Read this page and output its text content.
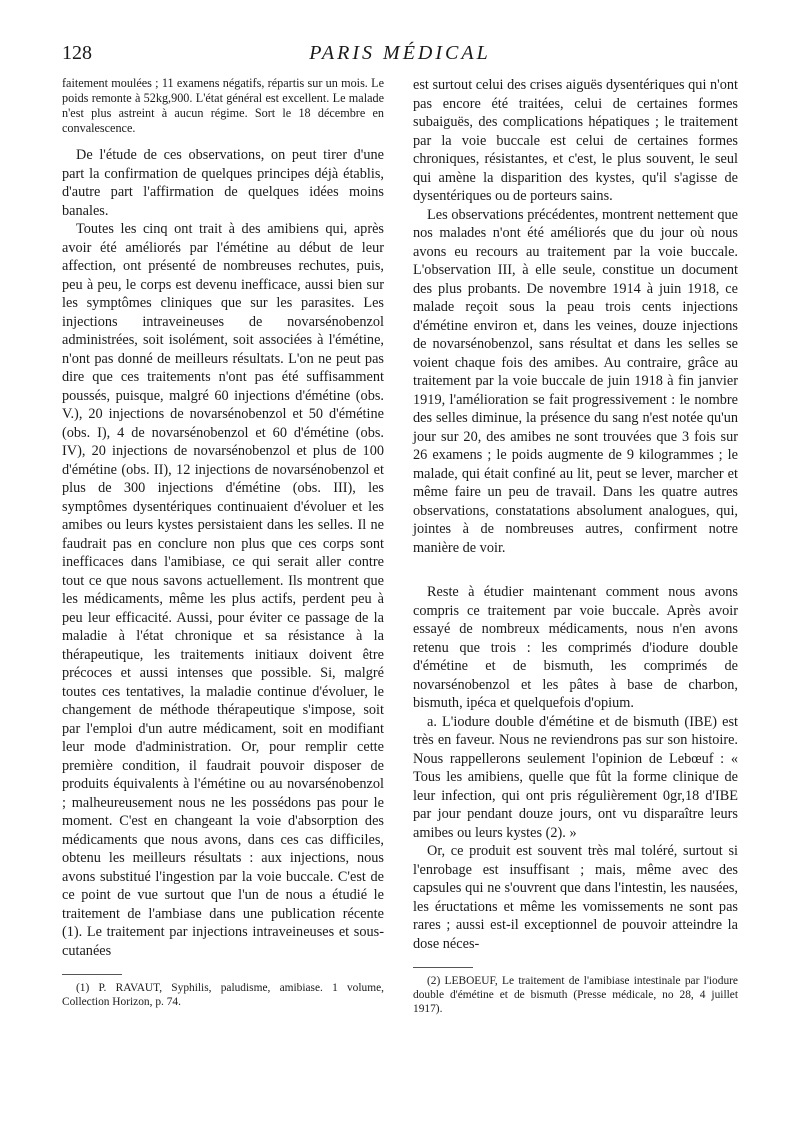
128	PARIS MÉDICAL

faitement moulées ; 11 examens négatifs, répartis sur un mois. Le poids remonte à 52kg,900. L'état général est excellent. Le malade n'est plus astreint à aucun régime. Sort le 18 décembre en convalescence.

De l'étude de ces observations, on peut tirer d'une part la confirmation de quelques principes déjà établis, d'autre part l'affirmation de quelques idées moins banales.

Toutes les cinq ont trait à des amibiens qui, après avoir été améliorés par l'émétine au début de leur affection, ont présenté de nombreuses rechutes, puis, peu à peu, le corps est devenu inefficace, aussi bien sur les symptômes cliniques que sur les parasites. Les injections intraveineuses de novarsénobenzol administrées, soit isolément, soit associées à l'émétine, n'ont pas donné de meilleurs résultats. L'on ne peut pas dire que ces traitements n'ont pas été suffisamment poussés, puisque, malgré 60 injections d'émétine (obs. V.), 20 injections de novarsénobenzol et 50 d'émétine (obs. I), 4 de novarsénobenzol et 60 d'émétine (obs. IV), 20 injections de novarsénobenzol et plus de 100 d'émétine (obs. II), 12 injections de novarsénobenzol et plus de 300 injections d'émétine (obs. III), les symptômes dysentériques continuaient d'évoluer et les amibes ou leurs kystes persistaient dans les selles. Il ne faudrait pas en conclure non plus que ces corps sont inefficaces dans l'amibiase, ce qui serait aller contre tout ce que nous savons actuellement. Ils montrent que les médicaments, même les plus actifs, perdent peu à peu leur efficacité. Aussi, pour éviter ce passage de la maladie à l'état chronique et sa résistance à la thérapeutique, les traitements initiaux doivent être précoces et aussi intenses que possible. Si, malgré toutes ces tentatives, la maladie continue d'évoluer, le changement de méthode thérapeutique s'impose, soit par l'emploi d'un autre médicament, soit en modifiant leur mode d'administration. Or, pour remplir cette première condition, il faudrait pouvoir disposer de produits équivalents à l'émétine ou au novarsénobenzol ; malheureusement nous ne les possédons pas pour le moment. C'est en changeant la voie d'absorption des médicaments que nous avons, dans ces cas difficiles, obtenu les meilleurs résultats : aux injections, nous avons substitué l'ingestion par la voie buccale. C'est de ce point de vue surtout que l'un de nous a étudié le traitement de l'ambiase dans une publication récente (1). Le traitement par injections intraveineuses et sous-cutanées

(1) P. RAVAUT, Syphilis, paludisme, amibiase. 1 volume, Collection Horizon, p. 74.

est surtout celui des crises aiguës dysentériques qui n'ont pas encore été traitées, celui de certaines formes subaiguës, des complications hépatiques ; le traitement par la voie buccale est celui de certaines formes chroniques, résistantes, et c'est, le plus souvent, le seul qui amène la disparition des kystes, qu'il s'agisse de dysentériques ou de porteurs sains.

Les observations précédentes, montrent nettement que nos malades n'ont été améliorés que du jour où nous avons eu recours au traitement par la voie buccale. L'observation III, à elle seule, constitue un document des plus probants. De novembre 1914 à juin 1918, ce malade reçoit sous la peau trois cents injections d'émétine environ et, dans les veines, douze injections de novarsénobenzol, sans résultat et dans les selles se voient chaque fois des amibes. Au contraire, grâce au traitement par la voie buccale de juin 1918 à fin janvier 1919, l'amélioration se fait progressivement : le nombre des selles diminue, la présence du sang n'est notée qu'un jour sur 20, des amibes ne sont trouvées que 3 fois sur 26 examens ; le poids augmente de 9 kilogrammes ; le malade, qui était confiné au lit, peut se lever, marcher et même faire un peu de travail. Dans les quatre autres observations, constatations absolument analogues, qui, jointes à de nombreuses autres, confirment notre manière de voir.

Reste à étudier maintenant comment nous avons compris ce traitement par voie buccale. Après avoir essayé de nombreux médicaments, nous n'en avons retenu que trois : les comprimés d'iodure double d'émétine et de bismuth, les comprimés de novarsénobenzol et les pâtes à base de charbon, bismuth, ipéca et quelquefois d'opium.

a. L'iodure double d'émétine et de bismuth (IBE) est très en faveur. Nous ne reviendrons pas sur son histoire. Nous rappellerons seulement l'opinion de Lebœuf : « Tous les amibiens, quelle que fût la forme clinique de leur infection, qui ont pris régulièrement 0gr,18 d'IBE par jour pendant douze jours, ont vu disparaître leurs amibes ou leurs kystes (2). »

Or, ce produit est souvent très mal toléré, surtout si l'enrobage est insuffisant ; mais, même avec des capsules qui ne s'ouvrent que dans l'intestin, les nausées, les éructations et même les vomissements ne sont pas rares ; aussi est-il exceptionnel de pouvoir atteindre la dose néces-

(2) LEBOEUF, Le traitement de l'amibiase intestinale par l'iodure double d'émétine et de bismuth (Presse médicale, no 28, 4 juillet 1917).
